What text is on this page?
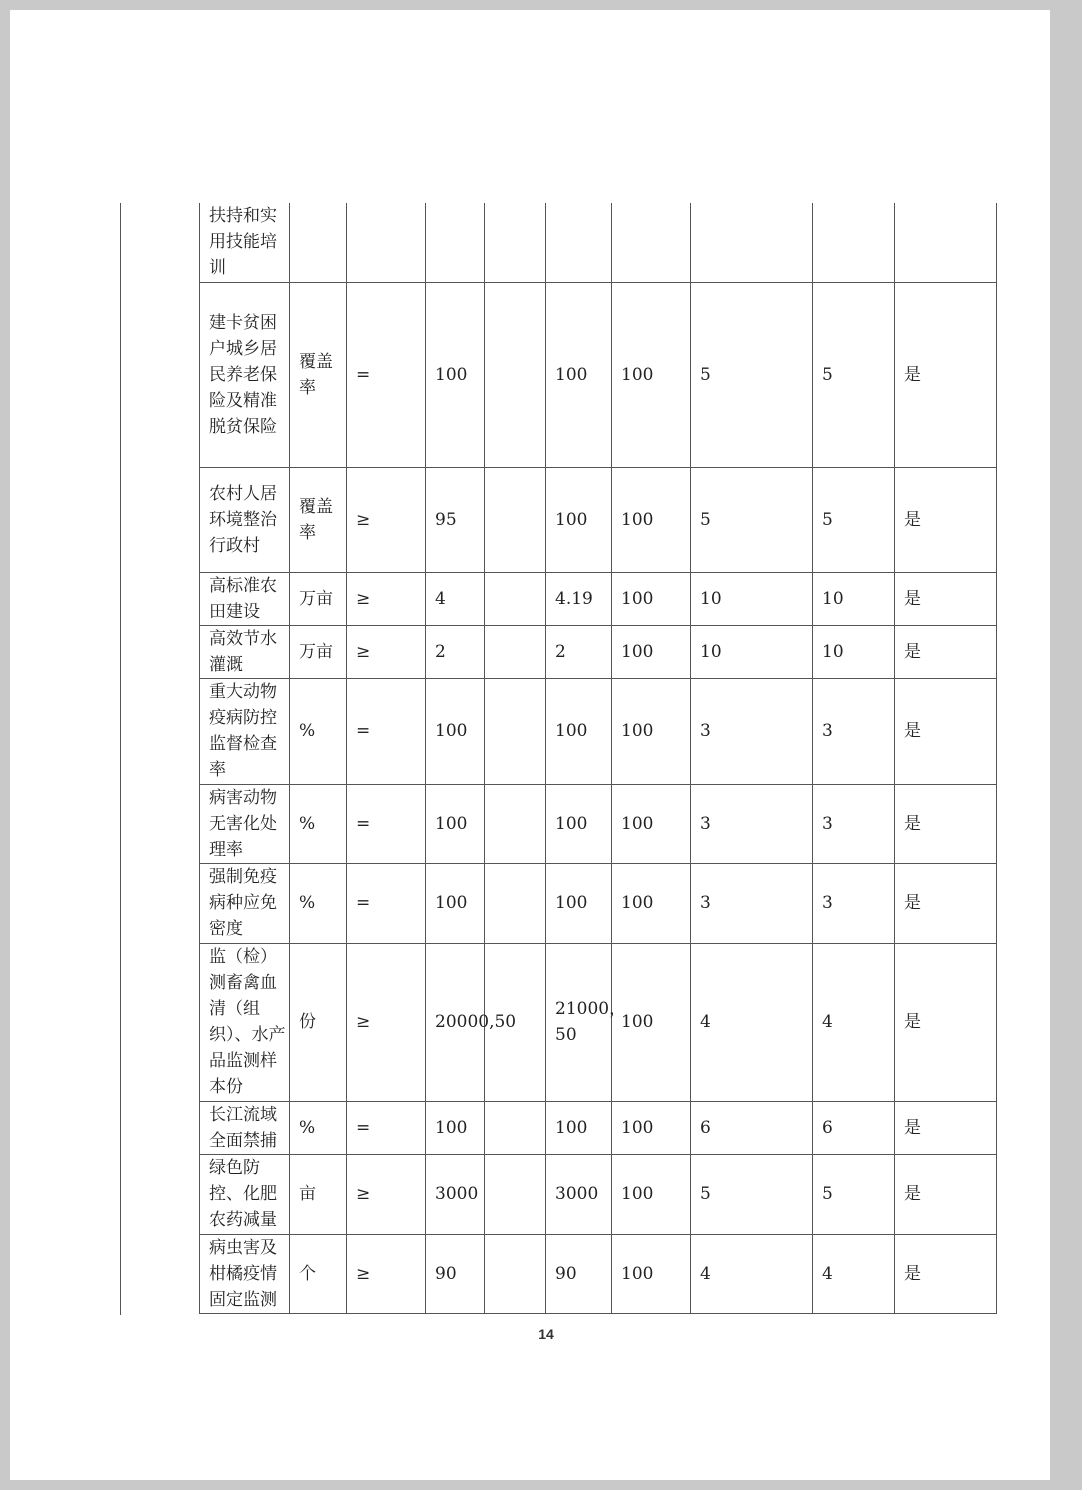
扶持和实用技能培训									
建卡贫困户城乡居民养老保险及精准脱贫保险	覆盖率	=	100		100	100	5	5	是
农村人居环境整治行政村	覆盖率	≥	95		100	100	5	5	是
高标准农田建设	万亩	≥	4		4.19	100	10	10	是
高效节水灌溉	万亩	≥	2		2	100	10	10	是
重大动物疫病防控监督检查率	%	=	100		100	100	3	3	是
病害动物无害化处理率	%	=	100		100	100	3	3	是
强制免疫病种应免密度	%	=	100		100	100	3	3	是
监（检）测畜禽血清（组织）、水产品监测样本份	份	≥	20000,50		21000，50	100	4	4	是
长江流域全面禁捕	%	=	100		100	100	6	6	是
绿色防控、化肥农药减量	亩	≥	3000		3000	100	5	5	是
病虫害及柑橘疫情固定监测	个	≥	90		90	100	4	4	是
14
